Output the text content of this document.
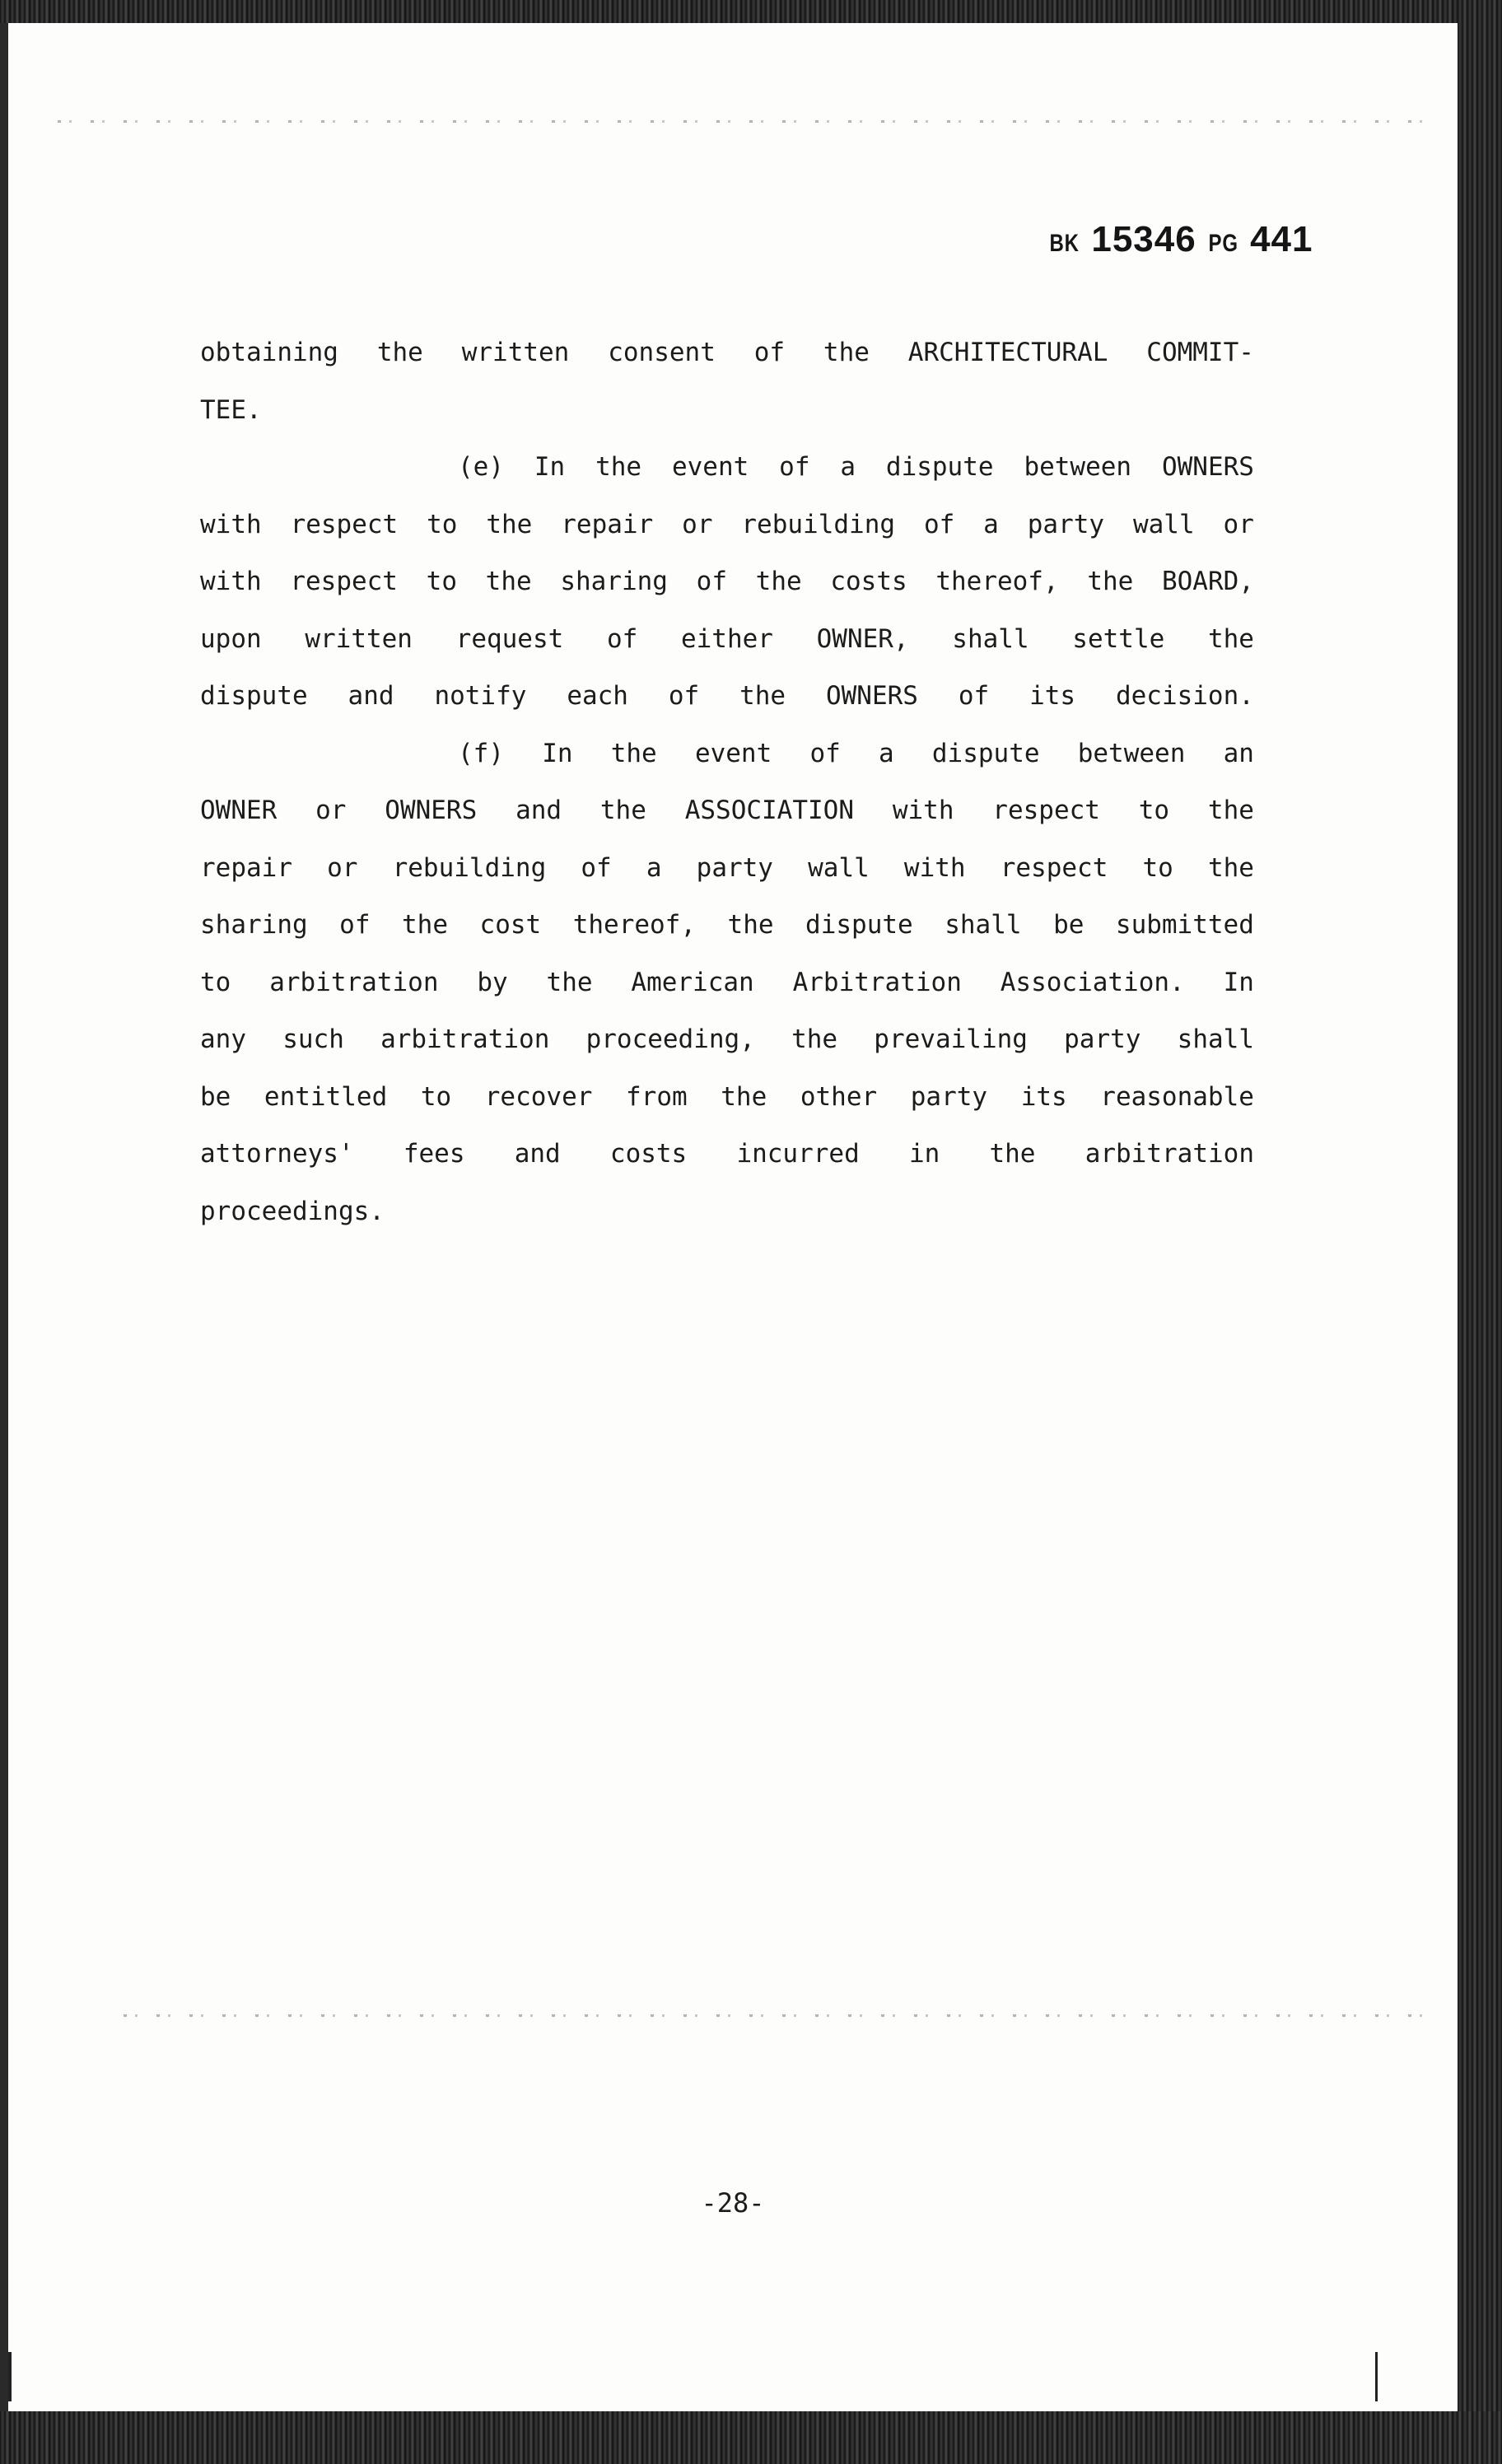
BK 15346 PG 441
obtaining the written consent of the ARCHITECTURAL COMMIT-
TEE.
(e) In the event of a dispute between OWNERS
with respect to the repair or rebuilding of a party wall or
with respect to the sharing of the costs thereof, the BOARD,
upon written request of either OWNER, shall settle the
dispute and notify each of the OWNERS of its decision.
(f) In the event of a dispute between an
OWNER or OWNERS and the ASSOCIATION with respect to the
repair or rebuilding of a party wall with respect to the
sharing of the cost thereof, the dispute shall be submitted
to arbitration by the American Arbitration Association. In
any such arbitration proceeding, the prevailing party shall
be entitled to recover from the other party its reasonable
attorneys' fees and costs incurred in the arbitration
proceedings.
-28-
